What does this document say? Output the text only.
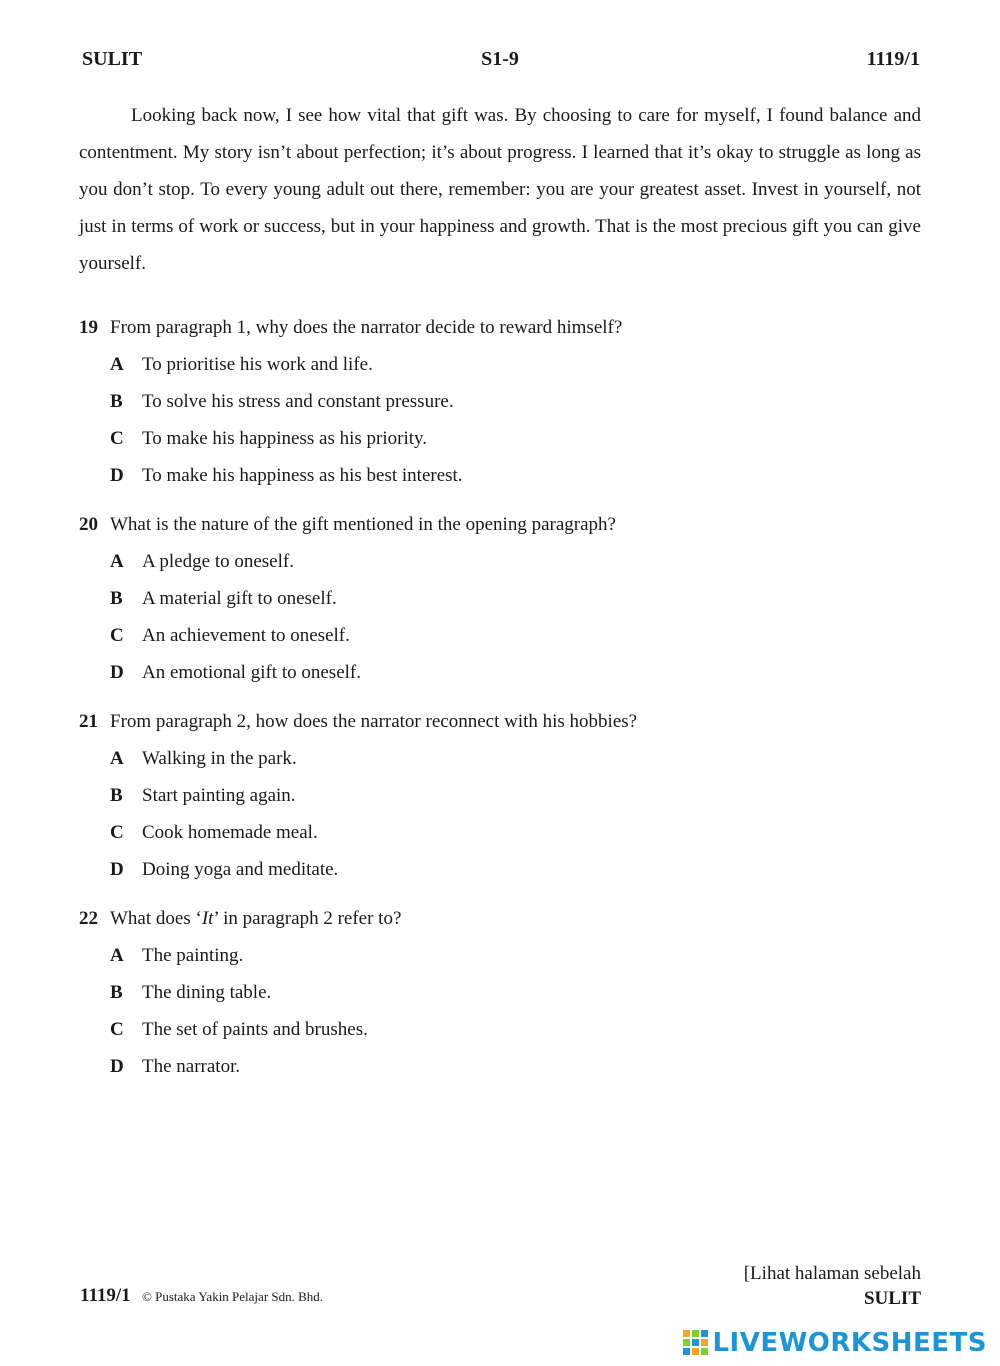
SULIT	S1-9	1119/1

Looking back now, I see how vital that gift was. By choosing to care for myself, I found balance and contentment. My story isn’t about perfection; it’s about progress. I learned that it’s okay to struggle as long as you don’t stop. To every young adult out there, remember: you are your greatest asset. Invest in yourself, not just in terms of work or success, but in your happiness and growth. That is the most precious gift you can give yourself.

19 From paragraph 1, why does the narrator decide to reward himself?
A To prioritise his work and life.
B To solve his stress and constant pressure.
C To make his happiness as his priority.
D To make his happiness as his best interest.
20 What is the nature of the gift mentioned in the opening paragraph?
A A pledge to oneself.
B A material gift to oneself.
C An achievement to oneself.
D An emotional gift to oneself.
21 From paragraph 2, how does the narrator reconnect with his hobbies?
A Walking in the park.
B Start painting again.
C Cook homemade meal.
D Doing yoga and meditate.
22 What does ‘It’ in paragraph 2 refer to?
A The painting.
B The dining table.
C The set of paints and brushes.
D The narrator.
[Lihat halaman sebelah
1119/1 © Pustaka Yakin Pelajar Sdn. Bhd.	SULIT
LIVEWORKSHEETS
